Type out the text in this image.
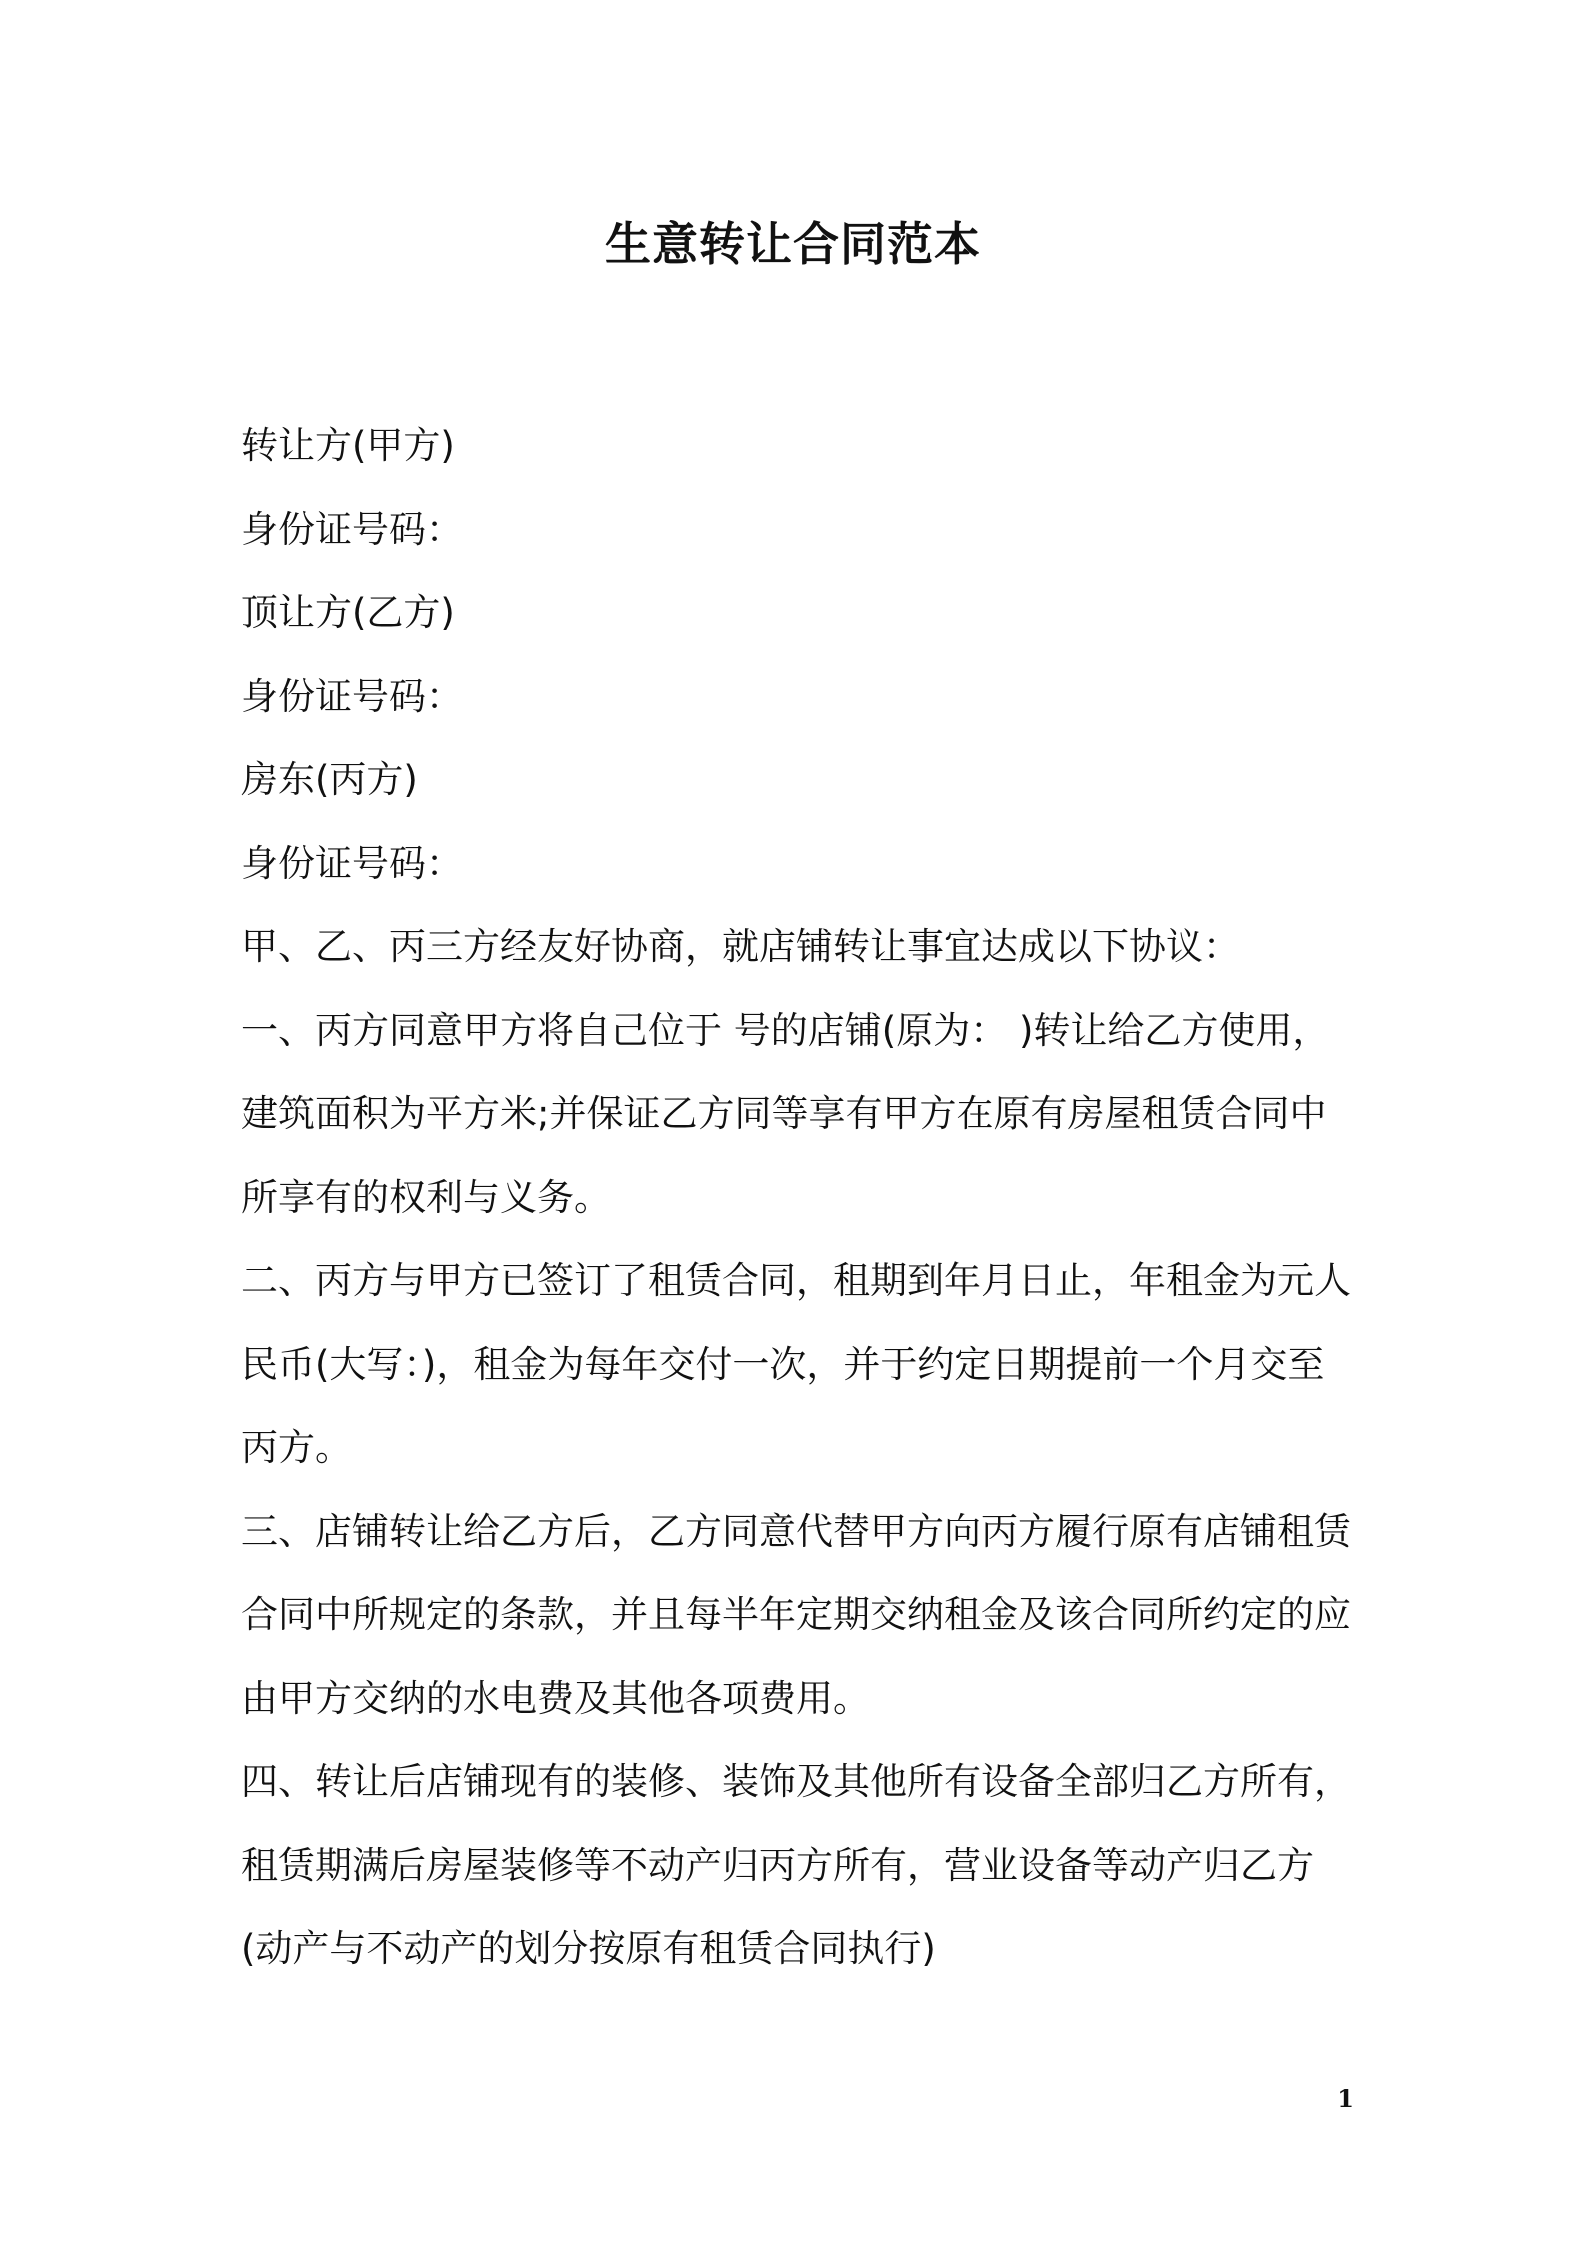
生意转让合同范本
转让方(甲方)
身份证号码：
顶让方(乙方)
身份证号码：
房东(丙方)
身份证号码：
甲、乙、丙三方经友好协商，就店铺转让事宜达成以下协议：
一、丙方同意甲方将自己位于 号的店铺(原为： )转让给乙方使用，
建筑面积为平方米;并保证乙方同等享有甲方在原有房屋租赁合同中
所享有的权利与义务。
二、丙方与甲方已签订了租赁合同，租期到年月日止，年租金为元人
民币(大写：)，租金为每年交付一次，并于约定日期提前一个月交至
丙方。
三、店铺转让给乙方后，乙方同意代替甲方向丙方履行原有店铺租赁
合同中所规定的条款，并且每半年定期交纳租金及该合同所约定的应
由甲方交纳的水电费及其他各项费用。
四、转让后店铺现有的装修、装饰及其他所有设备全部归乙方所有，
租赁期满后房屋装修等不动产归丙方所有，营业设备等动产归乙方
(动产与不动产的划分按原有租赁合同执行)
1
